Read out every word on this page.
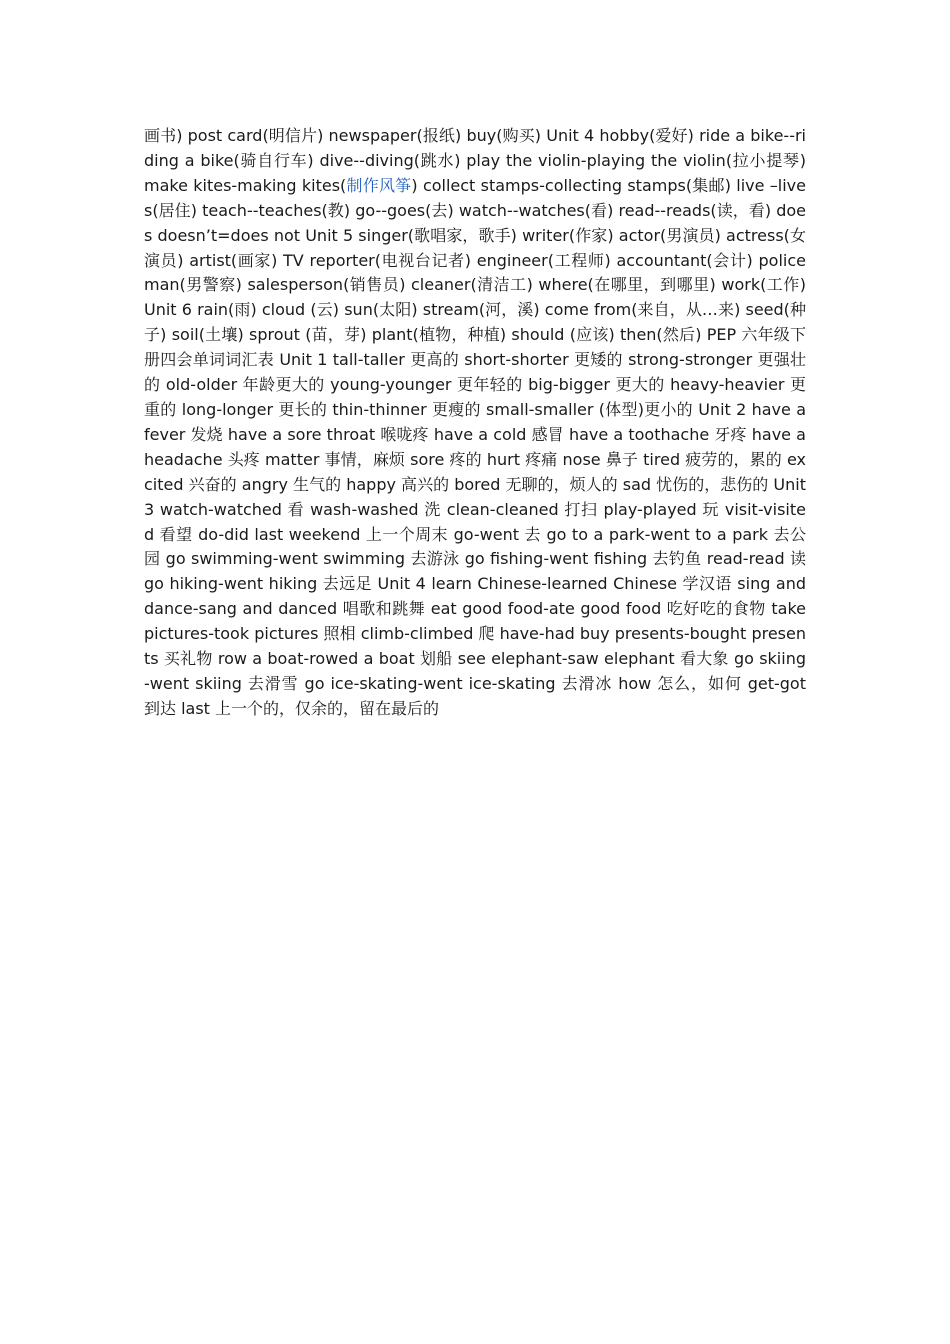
画书) post card(明信片) newspaper(报纸) buy(购买) Unit 4 hobby(爱好) ride a bike--riding a bike(骑自行车) dive--diving(跳水) play the violin-playing the violin(拉小提琴) make kites-making kites(制作风筝) collect stamps-collecting stamps(集邮) live –lives(居住) teach--teaches(教) go--goes(去) watch--watches(看) read--reads(读，看) does doesn’t=does not Unit 5 singer(歌唱家，歌手) writer(作家) actor(男演员) actress(女演员) artist(画家) TV reporter(电视台记者) engineer(工程师) accountant(会计) policeman(男警察) salesperson(销售员) cleaner(清洁工) where(在哪里，到哪里) work(工作) Unit 6 rain(雨) cloud (云) sun(太阳) stream(河，溪) come from(来自，从…来) seed(种子) soil(土壤) sprout (苗，芽) plant(植物，种植) should (应该) then(然后) PEP 六年级下册四会单词词汇表 Unit 1 tall-taller 更高的 short-shorter 更矮的 strong-stronger 更强壮的 old-older 年龄更大的 young-younger 更年轻的 big-bigger 更大的 heavy-heavier 更重的 long-longer 更长的 thin-thinner 更瘦的 small-smaller (体型)更小的 Unit 2 have a fever 发烧 have a sore throat 喉咙疼 have a cold 感冒 have a toothache 牙疼 have a headache 头疼 matter 事情，麻烦 sore 疼的 hurt 疼痛 nose 鼻子 tired 疲劳的，累的 excited 兴奋的 angry 生气的 happy 高兴的 bored 无聊的，烦人的 sad 忧伤的，悲伤的 Unit 3 watch-watched 看 wash-washed 洗 clean-cleaned 打扫 play-played 玩 visit-visited 看望 do-did last weekend 上一个周末 go-went 去 go to a park-went to a park 去公园 go swimming-went swimming 去游泳 go fishing-went fishing 去钓鱼 read-read 读 go hiking-went hiking 去远足 Unit 4 learn Chinese-learned Chinese 学汉语 sing and dance-sang and danced 唱歌和跳舞 eat good food-ate good food 吃好吃的食物 take pictures-took pictures 照相 climb-climbed 爬 have-had buy presents-bought presents 买礼物 row a boat-rowed a boat 划船 see elephant-saw elephant 看大象 go skiing-went skiing 去滑雪 go ice-skating-went ice-skating 去滑冰 how 怎么，如何 get-got 到达 last 上一个的，仅余的，留在最后的
